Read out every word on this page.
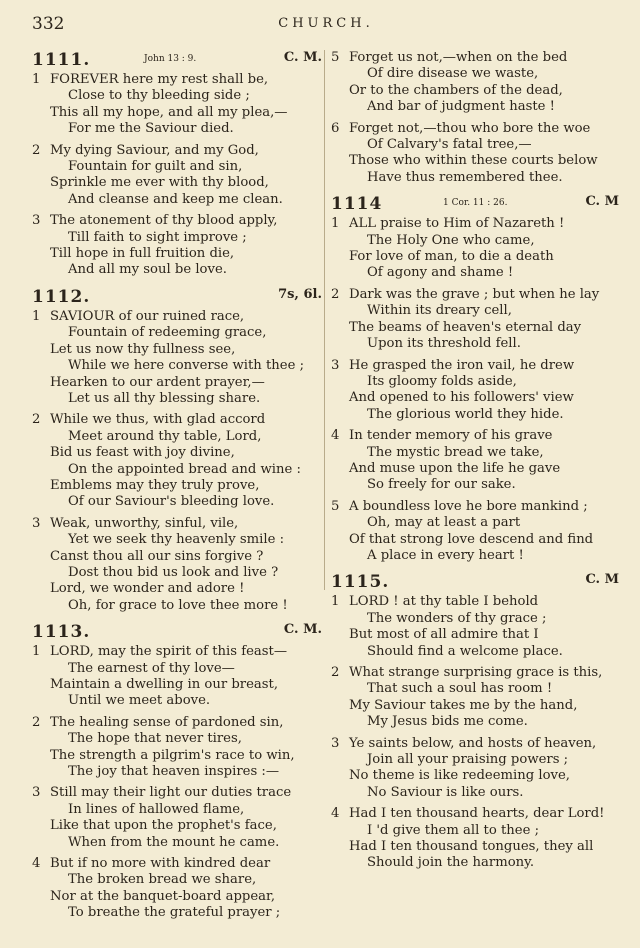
332	CHURCH.
1111.	John 13 : 9.	C. M.
1 FOREVER here my rest shall be,
Close to thy bleeding side ;
This all my hope, and all my plea,—
For me the Saviour died.
2 My dying Saviour, and my God,
Fountain for guilt and sin,
Sprinkle me ever with thy blood,
And cleanse and keep me clean.
3 The atonement of thy blood apply,
Till faith to sight improve ;
Till hope in full fruition die,
And all my soul be love.
1112.	7s, 6l.
1 SAVIOUR of our ruined race,
Fountain of redeeming grace,
Let us now thy fullness see,
While we here converse with thee ;
Hearken to our ardent prayer,—
Let us all thy blessing share.
2 While we thus, with glad accord
Meet around thy table, Lord,
Bid us feast with joy divine,
On the appointed bread and wine :
Emblems may they truly prove,
Of our Saviour's bleeding love.
3 Weak, unworthy, sinful, vile,
Yet we seek thy heavenly smile :
Canst thou all our sins forgive ?
Dost thou bid us look and live ?
Lord, we wonder and adore !
Oh, for grace to love thee more !
1113.	C. M.
1 LORD, may the spirit of this feast—
The earnest of thy love—
Maintain a dwelling in our breast,
Until we meet above.
2 The healing sense of pardoned sin,
The hope that never tires,
The strength a pilgrim's race to win,
The joy that heaven inspires :—
3 Still may their light our duties trace
In lines of hallowed flame,
Like that upon the prophet's face,
When from the mount he came.
4 But if no more with kindred dear
The broken bread we share,
Nor at the banquet-board appear,
To breathe the grateful prayer ;
5 Forget us not,—when on the bed
Of dire disease we waste,
Or to the chambers of the dead,
And bar of judgment haste !
6 Forget not,—thou who bore the woe
Of Calvary's fatal tree,—
Those who within these courts below
Have thus remembered thee.
1114	1 Cor. 11 : 26.	C. M
1 ALL praise to Him of Nazareth !
The Holy One who came,
For love of man, to die a death
Of agony and shame !
2 Dark was the grave ; but when he lay
Within its dreary cell,
The beams of heaven's eternal day
Upon its threshold fell.
3 He grasped the iron vail, he drew
Its gloomy folds aside,
And opened to his followers' view
The glorious world they hide.
4 In tender memory of his grave
The mystic bread we take,
And muse upon the life he gave
So freely for our sake.
5 A boundless love he bore mankind ;
Oh, may at least a part
Of that strong love descend and find
A place in every heart !
1115.	C. M
1 LORD ! at thy table I behold
The wonders of thy grace ;
But most of all admire that I
Should find a welcome place.
2 What strange surprising grace is this,
That such a soul has room !
My Saviour takes me by the hand,
My Jesus bids me come.
3 Ye saints below, and hosts of heaven,
Join all your praising powers ;
No theme is like redeeming love,
No Saviour is like ours.
4 Had I ten thousand hearts, dear Lord!
I 'd give them all to thee ;
Had I ten thousand tongues, they all
Should join the harmony.
